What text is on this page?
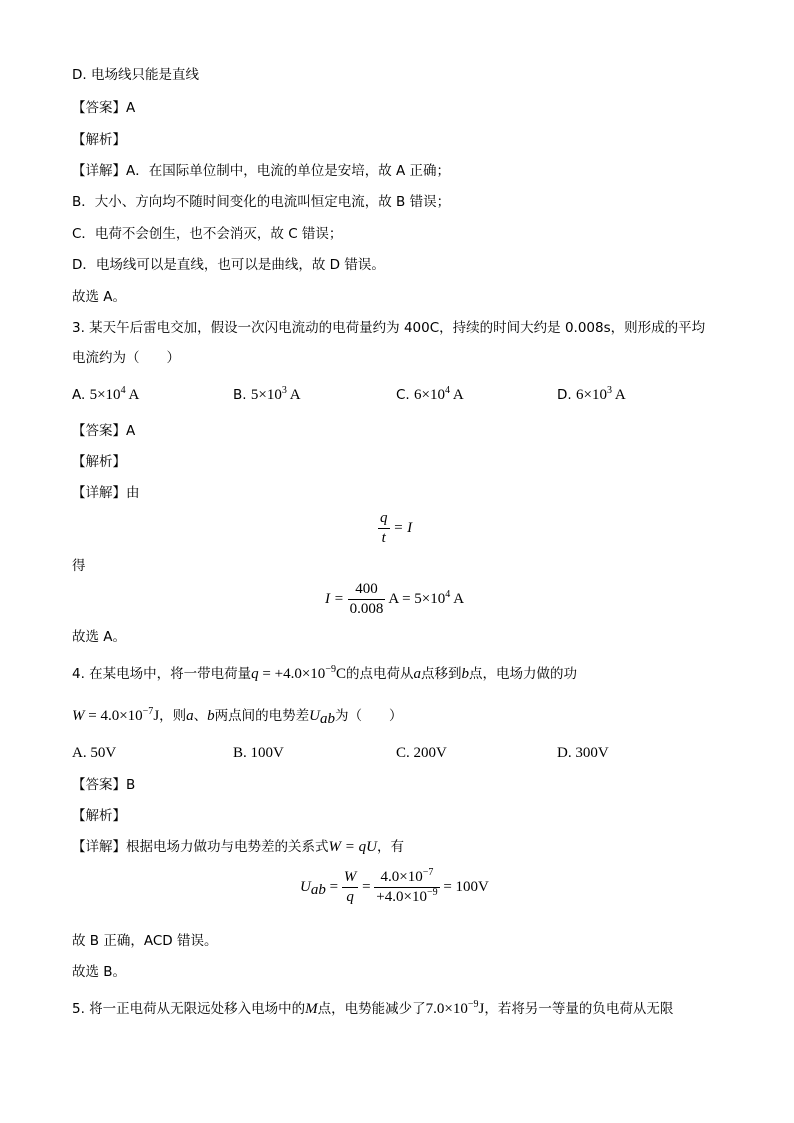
D. 电场线只能是直线
【答案】A
【解析】
【详解】A．在国际单位制中，电流的单位是安培，故 A 正确；
B．大小、方向均不随时间变化的电流叫恒定电流，故 B 错误；
C．电荷不会创生，也不会消灭，故 C 错误；
D．电场线可以是直线，也可以是曲线，故 D 错误。
故选 A。
3. 某天午后雷电交加，假设一次闪电流动的电荷量约为 400C，持续的时间大约是 0.008s，则形成的平均
电流约为（　　）
A. $5\times 10^4$ A	B. $5\times 10^3$ A	C. $6\times 10^4$ A	D. $6\times 10^3$ A
【答案】A
【解析】
【详解】由
$\frac{q}{t} = I$
得
$I = \frac{400}{0.008}$ $A = 5\times 10^4$ A
故选 A。
4. 在某电场中，将一带电荷量$q = +4.0\times 10^{-9}C$的点电荷从a点移到b点，电场力做的功
$W = 4.0\times 10^{-7}J$，则a、b两点间的电势差$U_{ab}$为（　　）
A. 50V	B. 100V	C. 200V	D. 300V
【答案】B
【解析】
【详解】根据电场力做功与电势差的关系式W = qU，有
$U_{ab} = \frac{W}{q} = \frac{4.0\times 10^{-7}}{+4.0\times 10^{-9}} = 100V$
故 B 正确，ACD 错误。
故选 B。
5. 将一正电荷从无限远处移入电场中的M点，电势能减少了$7.0\times 10^{-9}J$，若将另一等量的负电荷从无限
